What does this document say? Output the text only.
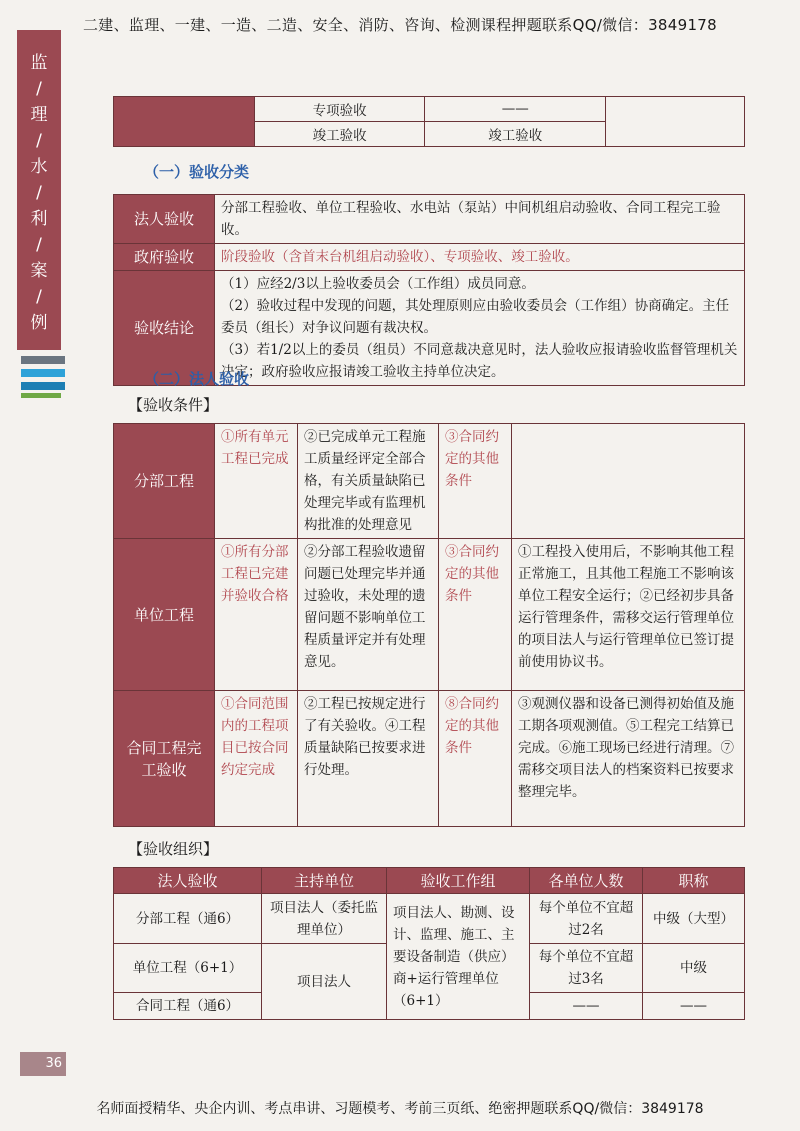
二建、监理、一建、一造、二造、安全、消防、咨询、检测课程押题联系QQ/微信：3849178
监
/
理
/
水
/
利
/
案
/
例
	专项验收	——	
	竣工验收	竣工验收	
（一）验收分类
法人验收	分部工程验收、单位工程验收、水电站（泵站）中间机组启动验收、合同工程完工验收。
政府验收	阶段验收（含首末台机组启动验收）、专项验收、竣工验收。
验收结论	（1）应经2/3以上验收委员会（工作组）成员同意。
（2）验收过程中发现的问题，其处理原则应由验收委员会（工作组）协商确定。主任委员（组长）对争议问题有裁决权。
（3）若1/2以上的委员（组员）不同意裁决意见时，法人验收应报请验收监督管理机关决定；政府验收应报请竣工验收主持单位决定。
（二）法人验收
【验收条件】
分部工程	①所有单元工程已完成	②已完成单元工程施工质量经评定全部合格，有关质量缺陷已处理完毕或有监理机构批准的处理意见	③合同约定的其他条件	
单位工程	①所有分部工程已完建并验收合格	②分部工程验收遗留问题已处理完毕并通过验收，未处理的遗留问题不影响单位工程质量评定并有处理意见。	③合同约定的其他条件	①工程投入使用后，不影响其他工程正常施工，且其他工程施工不影响该单位工程安全运行；②已经初步具备运行管理条件，需移交运行管理单位的项目法人与运行管理单位已签订提前使用协议书。
合同工程完工验收	①合同范围内的工程项目已按合同约定完成	②工程已按规定进行了有关验收。④工程质量缺陷已按要求进行处理。	⑧合同约定的其他条件	③观测仪器和设备已测得初始值及施工期各项观测值。⑤工程完工结算已完成。⑥施工现场已经进行清理。⑦需移交项目法人的档案资料已按要求整理完毕。
【验收组织】
法人验收	主持单位	验收工作组	各单位人数	职称
分部工程（通6）	项目法人（委托监理单位）	项目法人、勘测、设计、监理、施工、主要设备制造（供应）商+运行管理单位（6+1）	每个单位不宜超过2名	中级（大型）
单位工程（6+1）	项目法人		每个单位不宜超过3名	中级
合同工程（通6）			——	——
36
名师面授精华、央企内训、考点串讲、习题模考、考前三页纸、绝密押题联系QQ/微信：3849178
